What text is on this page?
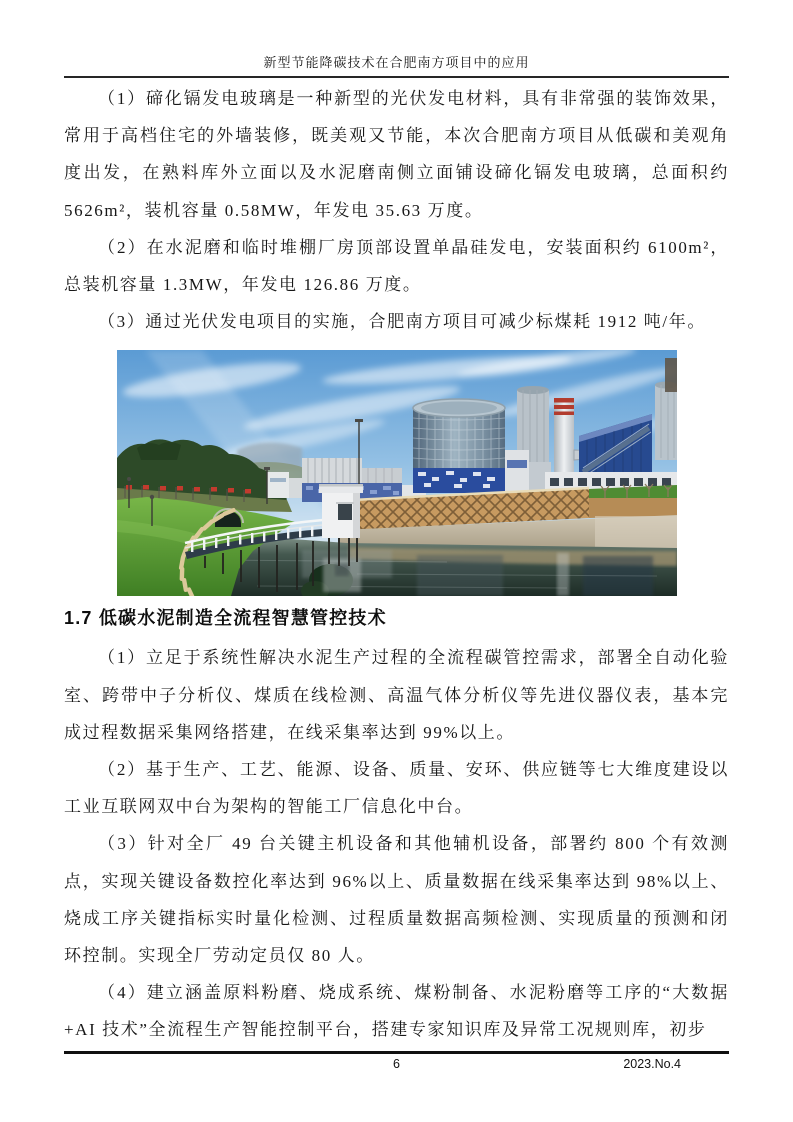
新型节能降碳技术在合肥南方项目中的应用

（1）碲化镉发电玻璃是一种新型的光伏发电材料，具有非常强的装饰效果，常用于高档住宅的外墙装修，既美观又节能，本次合肥南方项目从低碳和美观角度出发，在熟料库外立面以及水泥磨南侧立面铺设碲化镉发电玻璃，总面积约5626m²，装机容量 0.58MW，年发电 35.63 万度。

（2）在水泥磨和临时堆棚厂房顶部设置单晶硅发电，安装面积约 6100m²，总装机容量 1.3MW，年发电 126.86 万度。

（3）通过光伏发电项目的实施，合肥南方项目可减少标煤耗 1912 吨/年。

1.7 低碳水泥制造全流程智慧管控技术

（1）立足于系统性解决水泥生产过程的全流程碳管控需求，部署全自动化验室、跨带中子分析仪、煤质在线检测、高温气体分析仪等先进仪器仪表，基本完成过程数据采集网络搭建，在线采集率达到 99%以上。

（2）基于生产、工艺、能源、设备、质量、安环、供应链等七大维度建设以工业互联网双中台为架构的智能工厂信息化中台。

（3）针对全厂 49 台关键主机设备和其他辅机设备，部署约 800 个有效测点，实现关键设备数控化率达到 96%以上、质量数据在线采集率达到 98%以上、烧成工序关键指标实时量化检测、过程质量数据高频检测、实现质量的预测和闭环控制。实现全厂劳动定员仅 80 人。

（4）建立涵盖原料粉磨、烧成系统、煤粉制备、水泥粉磨等工序的“大数据+AI 技术”全流程生产智能控制平台，搭建专家知识库及异常工况规则库，初步

6	2023.No.4
